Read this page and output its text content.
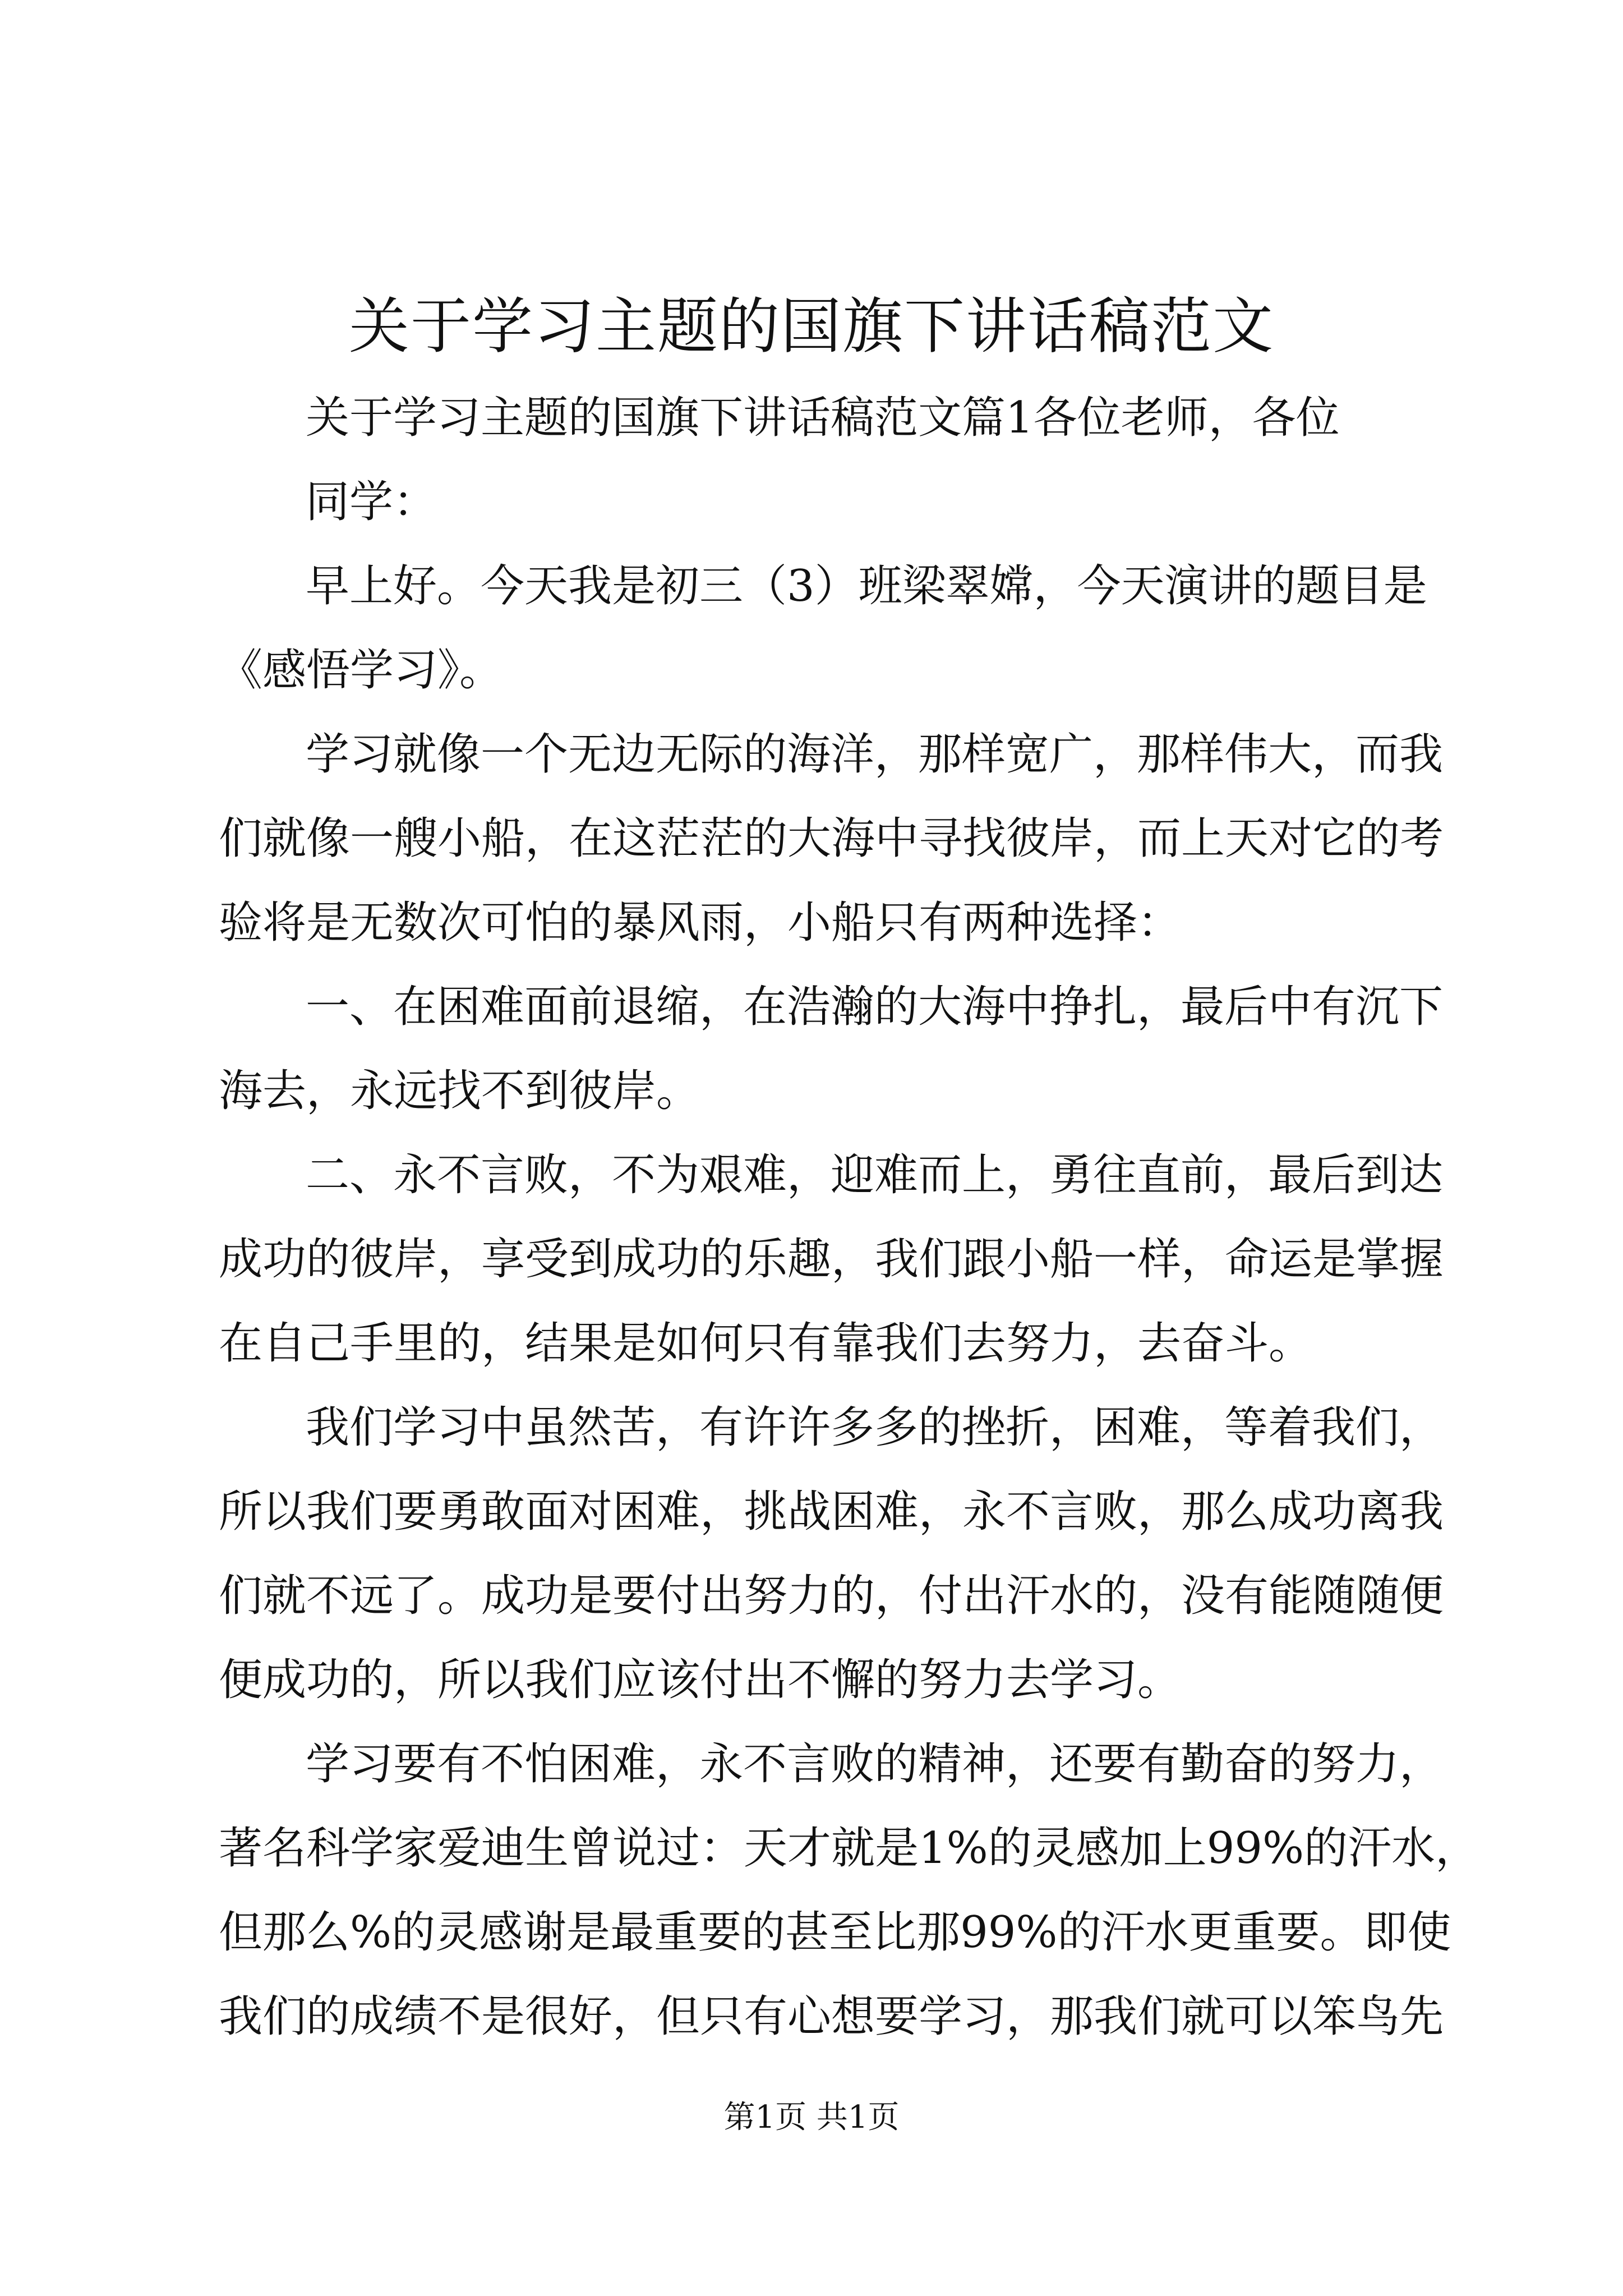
关于学习主题的国旗下讲话稿范文
关于学习主题的国旗下讲话稿范文篇1各位老师，各位
同学：
早上好。今天我是初三（3）班梁翠嫦，今天演讲的题目是
《感悟学习》。
学习就像一个无边无际的海洋，那样宽广，那样伟大，而我
们就像一艘小船，在这茫茫的大海中寻找彼岸，而上天对它的考
验将是无数次可怕的暴风雨，小船只有两种选择：
一、在困难面前退缩，在浩瀚的大海中挣扎，最后中有沉下
海去，永远找不到彼岸。
二、永不言败，不为艰难，迎难而上，勇往直前，最后到达
成功的彼岸，享受到成功的乐趣，我们跟小船一样，命运是掌握
在自己手里的，结果是如何只有靠我们去努力，去奋斗。
我们学习中虽然苦，有许许多多的挫折，困难，等着我们，
所以我们要勇敢面对困难，挑战困难，永不言败，那么成功离我
们就不远了。成功是要付出努力的，付出汗水的，没有能随随便
便成功的，所以我们应该付出不懈的努力去学习。
学习要有不怕困难，永不言败的精神，还要有勤奋的努力，
著名科学家爱迪生曾说过：天才就是1%的灵感加上99%的汗水，
但那么%的灵感谢是最重要的甚至比那99%的汗水更重要。即使
我们的成绩不是很好，但只有心想要学习，那我们就可以笨鸟先
第1页 共1页
